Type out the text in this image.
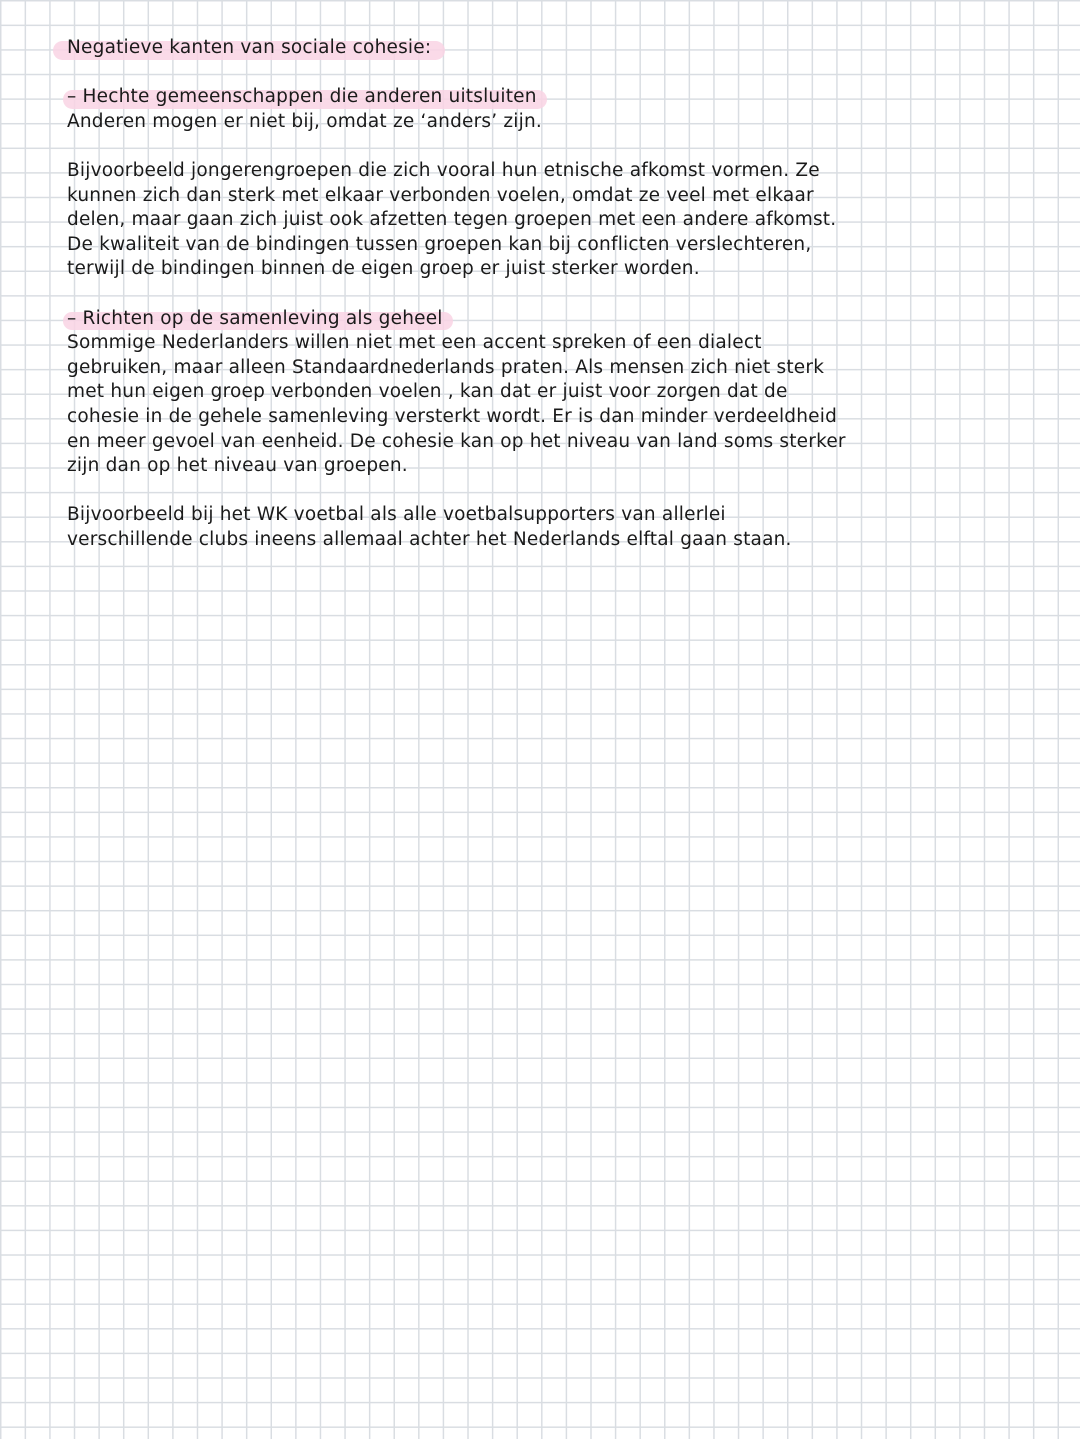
Negatieve kanten van sociale cohesie:
– Hechte gemeenschappen die anderen uitsluiten
Anderen mogen er niet bij, omdat ze ‘anders’ zijn.
Bijvoorbeeld jongerengroepen die zich vooral hun etnische afkomst vormen. Ze
kunnen zich dan sterk met elkaar verbonden voelen, omdat ze veel met elkaar
delen, maar gaan zich juist ook afzetten tegen groepen met een andere afkomst.
De kwaliteit van de bindingen tussen groepen kan bij conflicten verslechteren,
terwijl de bindingen binnen de eigen groep er juist sterker worden.
– Richten op de samenleving als geheel
Sommige Nederlanders willen niet met een accent spreken of een dialect
gebruiken, maar alleen Standaardnederlands praten. Als mensen zich niet sterk
met hun eigen groep verbonden voelen , kan dat er juist voor zorgen dat de
cohesie in de gehele samenleving versterkt wordt. Er is dan minder verdeeldheid
en meer gevoel van eenheid. De cohesie kan op het niveau van land soms sterker
zijn dan op het niveau van groepen.
Bijvoorbeeld bij het WK voetbal als alle voetbalsupporters van allerlei
verschillende clubs ineens allemaal achter het Nederlands elftal gaan staan.
